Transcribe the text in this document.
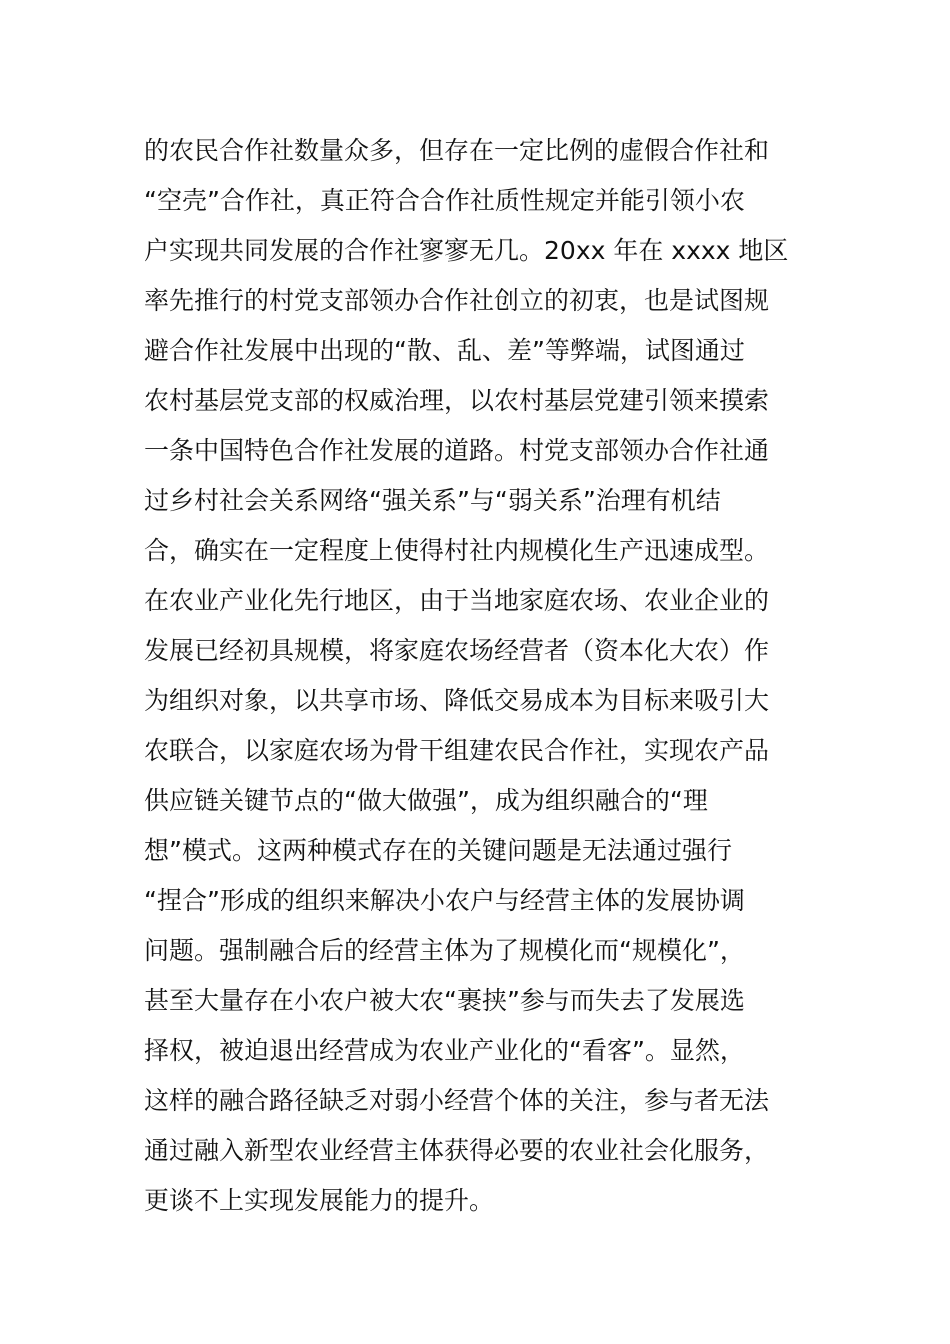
的农民合作社数量众多，但存在一定比例的虚假合作社和
“空壳”合作社，真正符合合作社质性规定并能引领小农
户实现共同发展的合作社寥寥无几。20xx 年在 xxxx 地区
率先推行的村党支部领办合作社创立的初衷，也是试图规
避合作社发展中出现的“散、乱、差”等弊端，试图通过
农村基层党支部的权威治理，以农村基层党建引领来摸索
一条中国特色合作社发展的道路。村党支部领办合作社通
过乡村社会关系网络“强关系”与“弱关系”治理有机结
合，确实在一定程度上使得村社内规模化生产迅速成型。
在农业产业化先行地区，由于当地家庭农场、农业企业的
发展已经初具规模，将家庭农场经营者（资本化大农）作
为组织对象，以共享市场、降低交易成本为目标来吸引大
农联合，以家庭农场为骨干组建农民合作社，实现农产品
供应链关键节点的“做大做强”，成为组织融合的“理
想”模式。这两种模式存在的关键问题是无法通过强行
“捏合”形成的组织来解决小农户与经营主体的发展协调
问题。强制融合后的经营主体为了规模化而“规模化”，
甚至大量存在小农户被大农“裹挟”参与而失去了发展选
择权，被迫退出经营成为农业产业化的“看客”。显然，
这样的融合路径缺乏对弱小经营个体的关注，参与者无法
通过融入新型农业经营主体获得必要的农业社会化服务，
更谈不上实现发展能力的提升。
